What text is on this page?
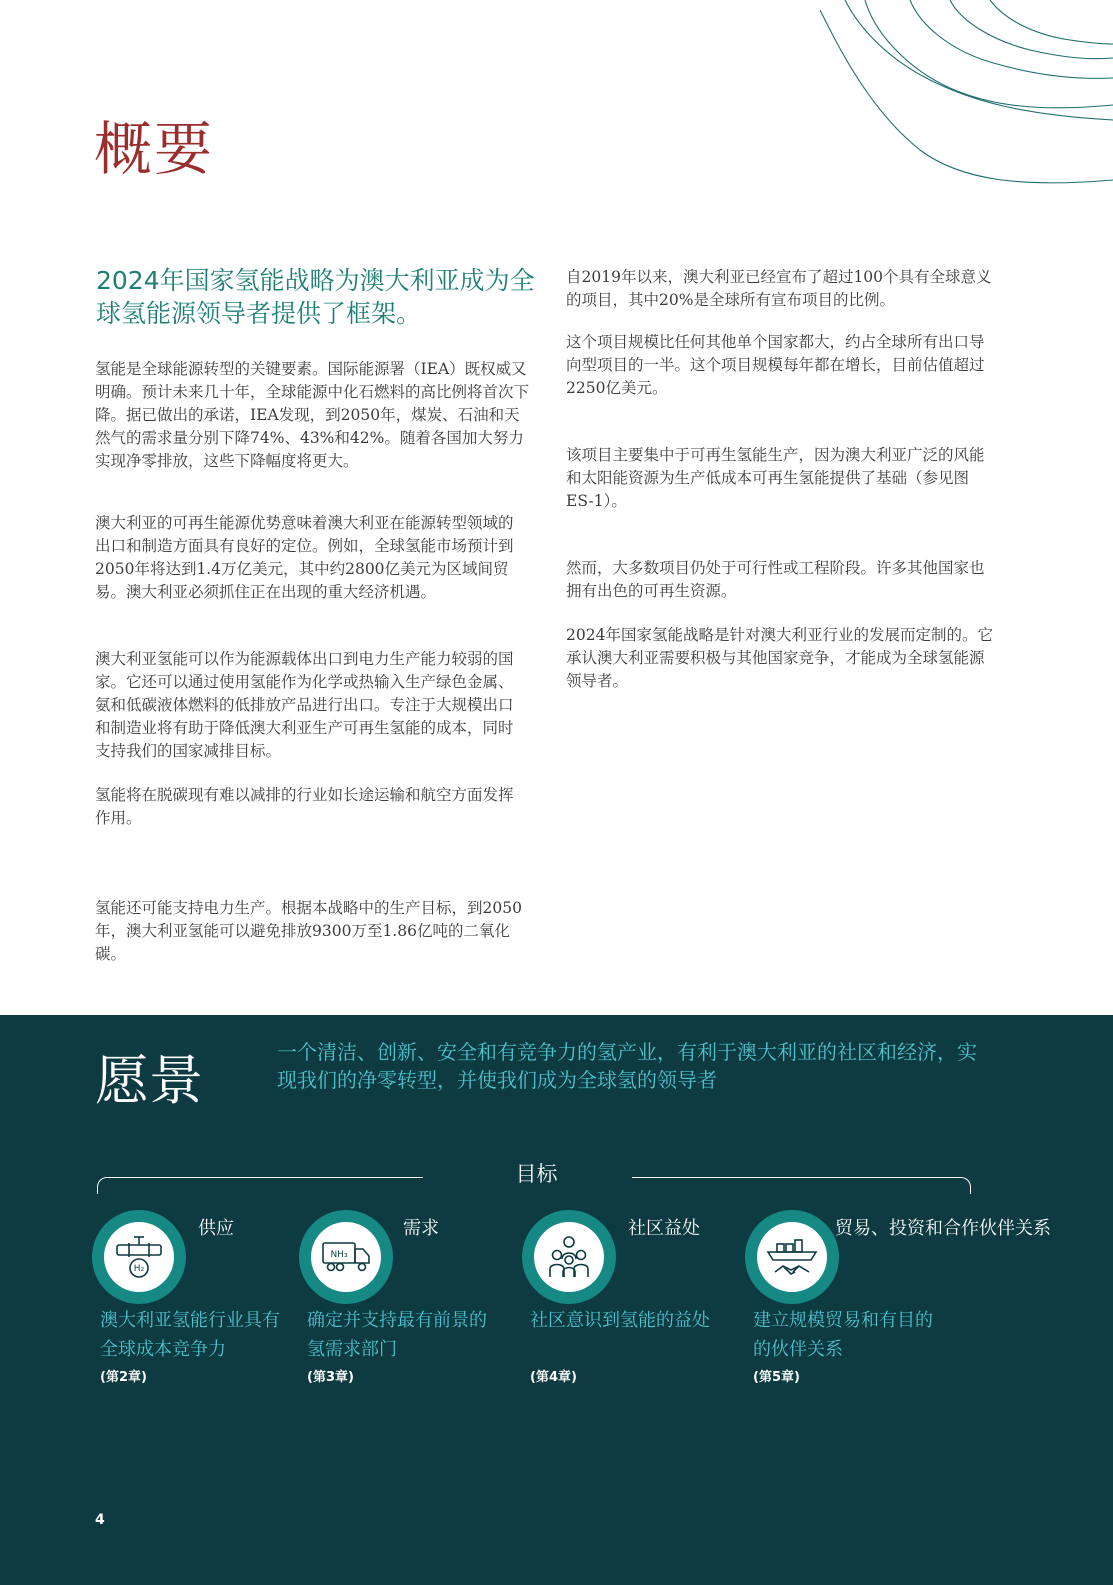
概要
2024年国家氢能战略为澳大利亚成为全球氢能源领导者提供了框架。

氢能是全球能源转型的关键要素。国际能源署（IEA）既权威又明确。预计未来几十年，全球能源中化石燃料的高比例将首次下降。据已做出的承诺，IEA发现，到2050年，煤炭、石油和天然气的需求量分别下降74%、43%和42%。随着各国加大努力实现净零排放，这些下降幅度将更大。

澳大利亚的可再生能源优势意味着澳大利亚在能源转型领域的出口和制造方面具有良好的定位。例如，全球氢能市场预计到2050年将达到1.4万亿美元，其中约2800亿美元为区域间贸易。澳大利亚必须抓住正在出现的重大经济机遇。

澳大利亚氢能可以作为能源载体出口到电力生产能力较弱的国家。它还可以通过使用氢能作为化学或热输入生产绿色金属、氨和低碳液体燃料的低排放产品进行出口。专注于大规模出口和制造业将有助于降低澳大利亚生产可再生氢能的成本，同时支持我们的国家减排目标。

氢能将在脱碳现有难以减排的行业如长途运输和航空方面发挥作用。

氢能还可能支持电力生产。根据本战略中的生产目标，到2050年，澳大利亚氢能可以避免排放9300万至1.86亿吨的二氧化碳。

自2019年以来，澳大利亚已经宣布了超过100个具有全球意义的项目，其中20%是全球所有宣布项目的比例。

这个项目规模比任何其他单个国家都大，约占全球所有出口导向型项目的一半。这个项目规模每年都在增长，目前估值超过2250亿美元。

该项目主要集中于可再生氢能生产，因为澳大利亚广泛的风能和太阳能资源为生产低成本可再生氢能提供了基础（参见图ES-1）。

然而，大多数项目仍处于可行性或工程阶段。许多其他国家也拥有出色的可再生资源。

2024年国家氢能战略是针对澳大利亚行业的发展而定制的。它承认澳大利亚需要积极与其他国家竞争，才能成为全球氢能源领导者。

愿景	一个清洁、创新、安全和有竞争力的氢产业，有利于澳大利亚的社区和经济，实现我们的净零转型，并使我们成为全球氢的领导者

目标
H₂
供应

澳大利亚氢能行业具有全球成本竞争力

(第2章)
NH₃
需求

确定并支持最有前景的氢需求部门

(第3章)
社区益处

社区意识到氢能的益处

(第4章)
贸易、投资和合作伙伴关系

建立规模贸易和有目的的伙伴关系

(第5章)
4
